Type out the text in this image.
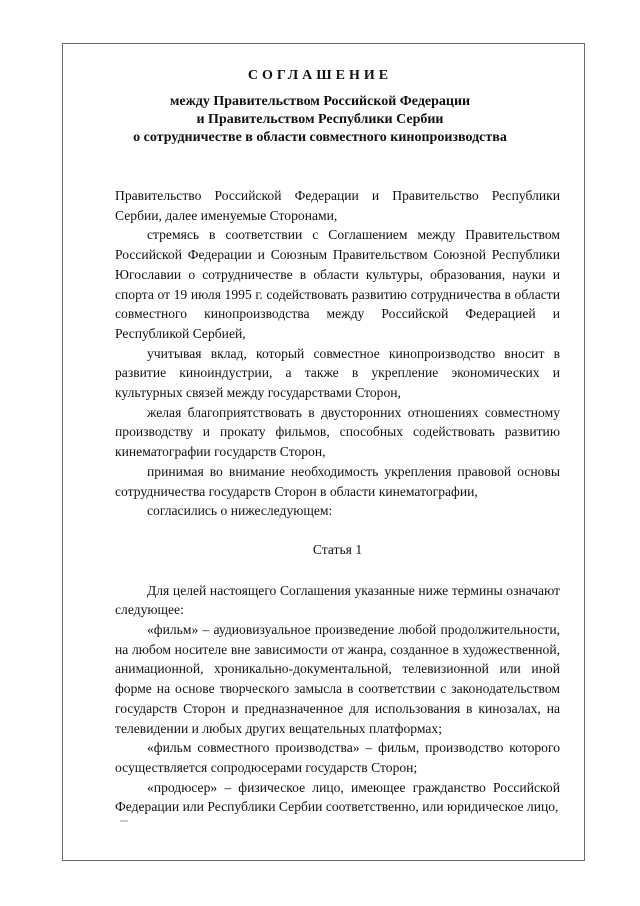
СОГЛАШЕНИЕ
между Правительством Российской Федерации
и Правительством Республики Сербии
о сотрудничестве в области совместного кинопроизводства

Правительство Российской Федерации и Правительство Республики Сербии, далее именуемые Сторонами,

стремясь в соответствии с Соглашением между Правительством Российской Федерации и Союзным Правительством Союзной Республики Югославии о сотрудничестве в области культуры, образования, науки и спорта от 19 июля 1995 г. содействовать развитию сотрудничества в области совместного кинопроизводства между Российской Федерацией и Республикой Сербией,

учитывая вклад, который совместное кинопроизводство вносит в развитие киноиндустрии, а также в укрепление экономических и культурных связей между государствами Сторон,

желая благоприятствовать в двусторонних отношениях совместному производству и прокату фильмов, способных содействовать развитию кинематографии государств Сторон,

принимая во внимание необходимость укрепления правовой основы сотрудничества государств Сторон в области кинематографии,

согласились о нижеследующем:

Статья 1

Для целей настоящего Соглашения указанные ниже термины означают следующее:

«фильм» – аудиовизуальное произведение любой продолжительности, на любом носителе вне зависимости от жанра, созданное в художественной, анимационной, хроникально-документальной, телевизионной или иной форме на основе творческого замысла в соответствии с законодательством государств Сторон и предназначенное для использования в кинозалах, на телевидении и любых других вещательных платформах;

«фильм совместного производства» – фильм, производство которого осуществляется сопродюсерами государств Сторон;

«продюсер» – физическое лицо, имеющее гражданство Российской Федерации или Республики Сербии соответственно, или юридическое лицо,
